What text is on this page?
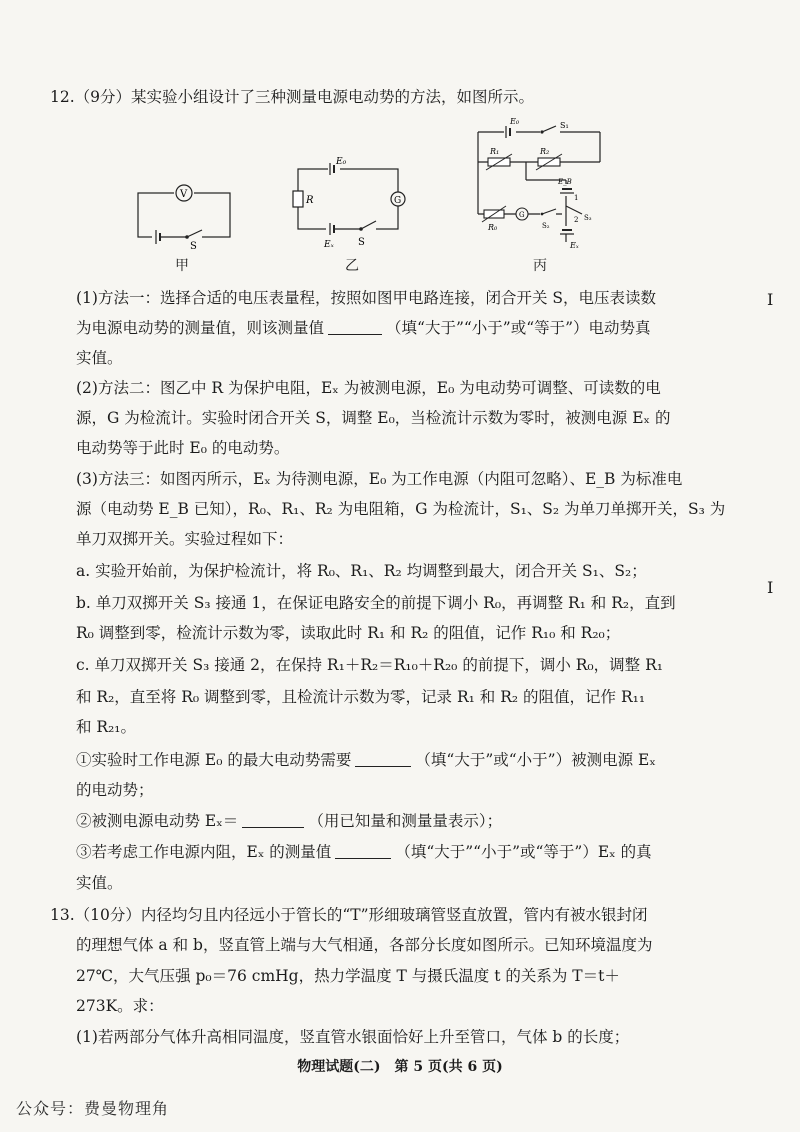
12.（9分）某实验小组设计了三种测量电源电动势的方法，如图所示。
V
S
甲
R
E₀
G
Eₓ S
乙
E₀	S₁
R₁	R₂
E_B
1
R₀
G
S₂
2 S₃
Eₓ
丙
(1)方法一：选择合适的电压表量程，按照如图甲电路连接，闭合开关 S，电压表读数
为电源电动势的测量值，则该测量值	（填“大于”“小于”或“等于”）电动势真
实值。
(2)方法二：图乙中 R 为保护电阻，Eₓ 为被测电源，E₀ 为电动势可调整、可读数的电
源，G 为检流计。实验时闭合开关 S，调整 E₀，当检流计示数为零时，被测电源 Eₓ 的
电动势等于此时 E₀ 的电动势。
(3)方法三：如图丙所示，Eₓ 为待测电源，E₀ 为工作电源（内阻可忽略）、E_B 为标准电
源（电动势 E_B 已知），R₀、R₁、R₂ 为电阻箱，G 为检流计，S₁、S₂ 为单刀单掷开关，S₃ 为
单刀双掷开关。实验过程如下：
a. 实验开始前，为保护检流计，将 R₀、R₁、R₂ 均调整到最大，闭合开关 S₁、S₂；
b. 单刀双掷开关 S₃ 接通 1，在保证电路安全的前提下调小 R₀，再调整 R₁ 和 R₂，直到
R₀ 调整到零，检流计示数为零，读取此时 R₁ 和 R₂ 的阻值，记作 R₁₀ 和 R₂₀；
c. 单刀双掷开关 S₃ 接通 2，在保持 R₁＋R₂＝R₁₀＋R₂₀ 的前提下，调小 R₀，调整 R₁
和 R₂，直至将 R₀ 调整到零，且检流计示数为零，记录 R₁ 和 R₂ 的阻值，记作 R₁₁
和 R₂₁。
①实验时工作电源 E₀ 的最大电动势需要	（填“大于”或“小于”）被测电源 Eₓ
的电动势；
②被测电源电动势 Eₓ＝	（用已知量和测量量表示）；
③若考虑工作电源内阻，Eₓ 的测量值	（填“大于”“小于”或“等于”）Eₓ 的真
实值。
13.（10分）内径均匀且内径远小于管长的“T”形细玻璃管竖直放置，管内有被水银封闭
的理想气体 a 和 b，竖直管上端与大气相通，各部分长度如图所示。已知环境温度为
27℃，大气压强 p₀＝76 cmHg，热力学温度 T 与摄氏温度 t 的关系为 T＝t＋
273K。求：
(1)若两部分气体升高相同温度，竖直管水银面恰好上升至管口，气体 b 的长度；
I
I
物理试题(二)　第 5 页(共 6 页)
公众号：费曼物理角
